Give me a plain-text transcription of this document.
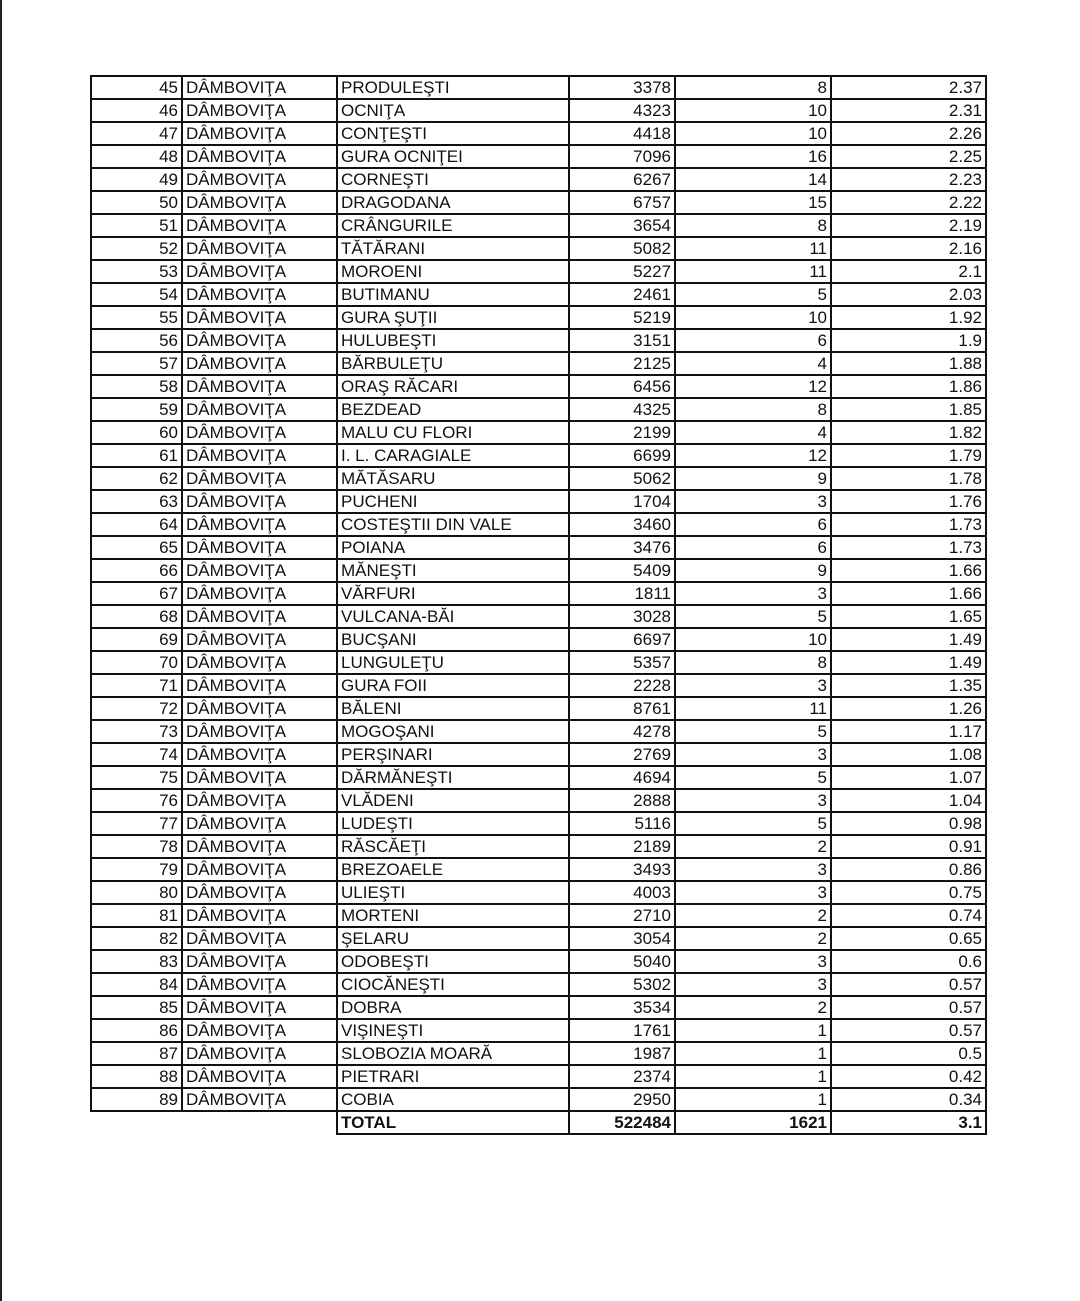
45	DÂMBOVIŢA	PRODULEŞTI	3378	8	2.37
46	DÂMBOVIŢA	OCNIŢA	4323	10	2.31
47	DÂMBOVIŢA	CONŢEŞTI	4418	10	2.26
48	DÂMBOVIŢA	GURA OCNIŢEI	7096	16	2.25
49	DÂMBOVIŢA	CORNEŞTI	6267	14	2.23
50	DÂMBOVIŢA	DRAGODANA	6757	15	2.22
51	DÂMBOVIŢA	CRÂNGURILE	3654	8	2.19
52	DÂMBOVIŢA	TĂTĂRANI	5082	11	2.16
53	DÂMBOVIŢA	MOROENI	5227	11	2.1
54	DÂMBOVIŢA	BUTIMANU	2461	5	2.03
55	DÂMBOVIŢA	GURA ŞUŢII	5219	10	1.92
56	DÂMBOVIŢA	HULUBEŞTI	3151	6	1.9
57	DÂMBOVIŢA	BĂRBULEŢU	2125	4	1.88
58	DÂMBOVIŢA	ORAŞ RĂCARI	6456	12	1.86
59	DÂMBOVIŢA	BEZDEAD	4325	8	1.85
60	DÂMBOVIŢA	MALU CU FLORI	2199	4	1.82
61	DÂMBOVIŢA	I. L. CARAGIALE	6699	12	1.79
62	DÂMBOVIŢA	MĂTĂSARU	5062	9	1.78
63	DÂMBOVIŢA	PUCHENI	1704	3	1.76
64	DÂMBOVIŢA	COSTEŞTII DIN VALE	3460	6	1.73
65	DÂMBOVIŢA	POIANA	3476	6	1.73
66	DÂMBOVIŢA	MĂNEŞTI	5409	9	1.66
67	DÂMBOVIŢA	VĂRFURI	1811	3	1.66
68	DÂMBOVIŢA	VULCANA-BĂI	3028	5	1.65
69	DÂMBOVIŢA	BUCŞANI	6697	10	1.49
70	DÂMBOVIŢA	LUNGULEŢU	5357	8	1.49
71	DÂMBOVIŢA	GURA FOII	2228	3	1.35
72	DÂMBOVIŢA	BĂLENI	8761	11	1.26
73	DÂMBOVIŢA	MOGOŞANI	4278	5	1.17
74	DÂMBOVIŢA	PERŞINARI	2769	3	1.08
75	DÂMBOVIŢA	DĂRMĂNEŞTI	4694	5	1.07
76	DÂMBOVIŢA	VLĂDENI	2888	3	1.04
77	DÂMBOVIŢA	LUDEŞTI	5116	5	0.98
78	DÂMBOVIŢA	RĂSCĂEŢI	2189	2	0.91
79	DÂMBOVIŢA	BREZOAELE	3493	3	0.86
80	DÂMBOVIŢA	ULIEŞTI	4003	3	0.75
81	DÂMBOVIŢA	MORTENI	2710	2	0.74
82	DÂMBOVIŢA	ŞELARU	3054	2	0.65
83	DÂMBOVIŢA	ODOBEŞTI	5040	3	0.6
84	DÂMBOVIŢA	CIOCĂNEŞTI	5302	3	0.57
85	DÂMBOVIŢA	DOBRA	3534	2	0.57
86	DÂMBOVIŢA	VIŞINEŞTI	1761	1	0.57
87	DÂMBOVIŢA	SLOBOZIA MOARĂ	1987	1	0.5
88	DÂMBOVIŢA	PIETRARI	2374	1	0.42
89	DÂMBOVIŢA	COBIA	2950	1	0.34
		TOTAL	522484	1621	3.1
